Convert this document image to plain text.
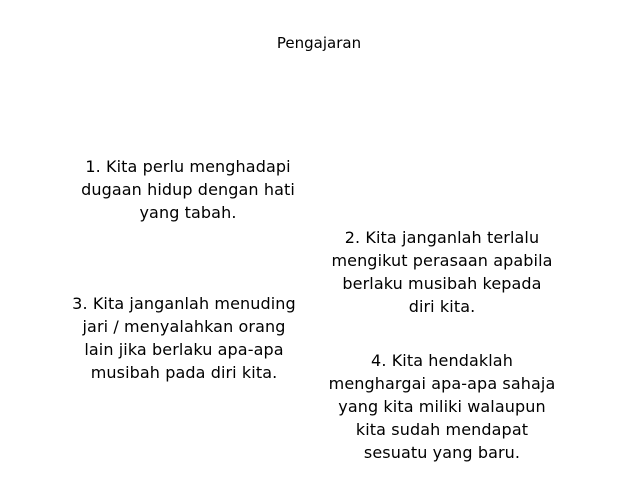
Pengajaran
1. Kita perlu menghadapi
dugaan hidup dengan hati
yang tabah.
2. Kita janganlah terlalu
mengikut perasaan apabila
berlaku musibah kepada
diri kita.
3. Kita janganlah menuding
jari / menyalahkan orang
lain jika berlaku apa-apa
musibah pada diri kita.
4. Kita hendaklah
menghargai apa-apa sahaja
yang kita miliki walaupun
kita sudah mendapat
sesuatu yang baru.
